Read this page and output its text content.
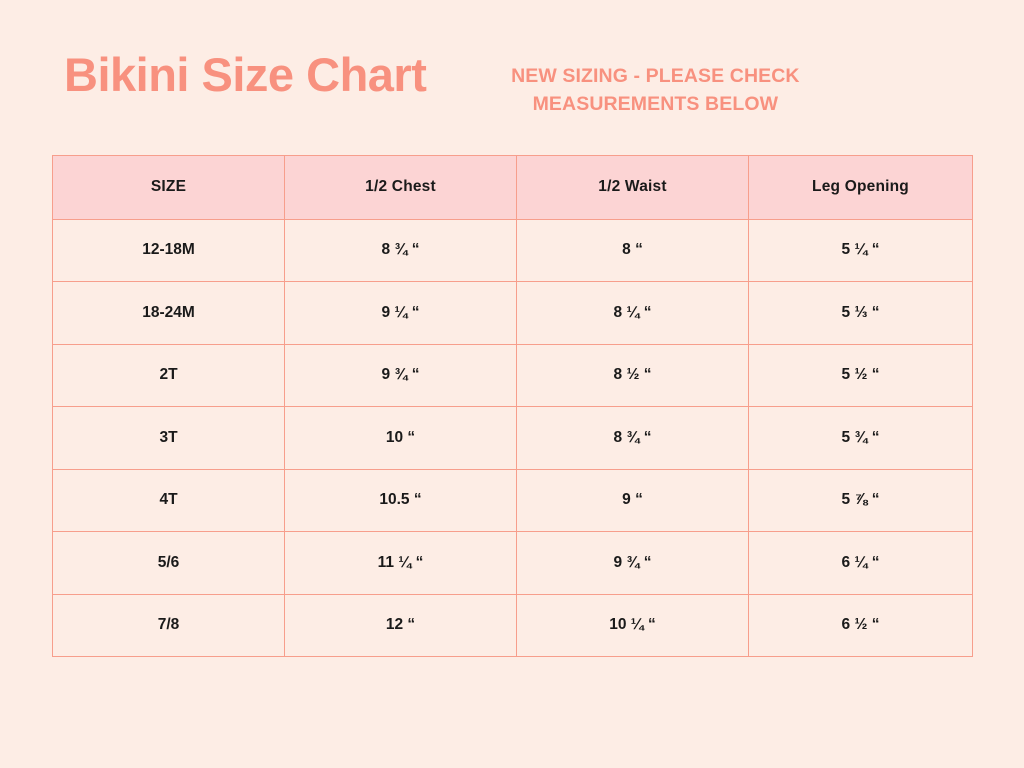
Bikini Size Chart	NEW SIZING - PLEASE CHECK MEASUREMENTS BELOW
SIZE	1/2 Chest	1/2 Waist	Leg Opening
12-18M	8 ¾ “	8 “	5 ¼ “
18-24M	9 ¼ “	8 ¼ “	5 ⅓ “
2T	9 ¾ “	8 ½ “	5 ½ “
3T	10 “	8 ¾ “	5 ¾ “
4T	10.5 “	9 “	5 ⅞ “
5/6	11 ¼ “	9 ¾ “	6 ¼ “
7/8	12 “	10 ¼ “	6 ½ “
